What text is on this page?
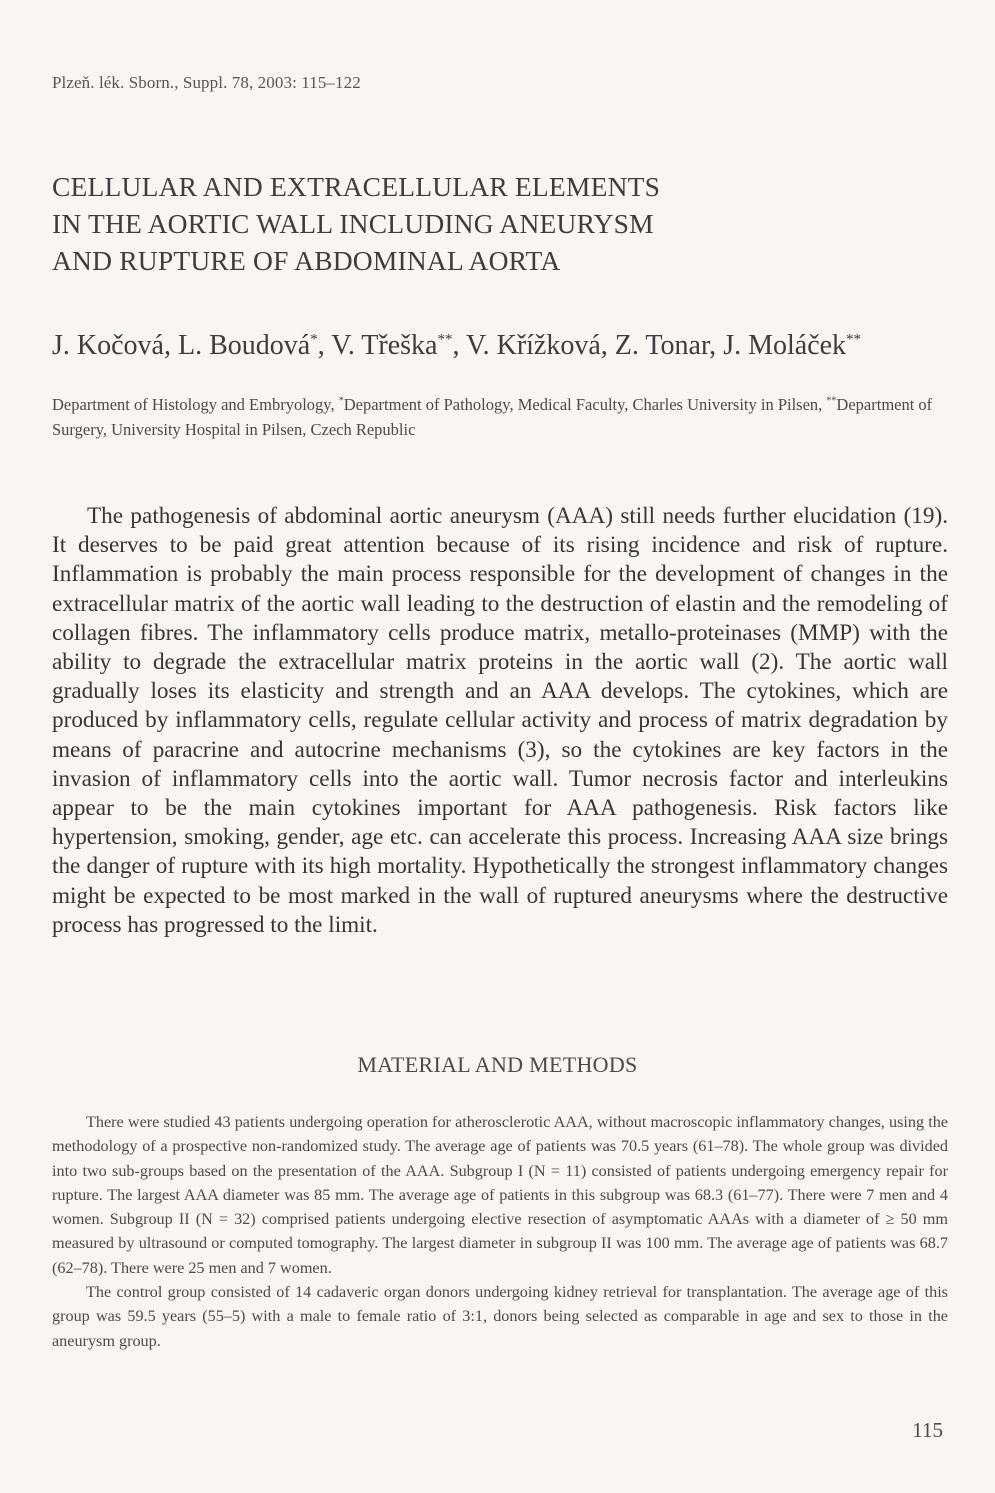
Plzeň. lék. Sborn., Suppl. 78, 2003: 115–122
CELLULAR AND EXTRACELLULAR ELEMENTS
IN THE AORTIC WALL INCLUDING ANEURYSM
AND RUPTURE OF ABDOMINAL AORTA
J. Kočová, L. Boudová*, V. Třeška**, V. Křížková, Z. Tonar, J. Moláček**
Department of Histology and Embryology, *Department of Pathology, Medical Faculty, Charles University in Pilsen, **Department of Surgery, University Hospital in Pilsen, Czech Republic

The pathogenesis of abdominal aortic aneurysm (AAA) still needs further elucidation (19). It deserves to be paid great attention because of its rising incidence and risk of rupture. Inflammation is probably the main process responsible for the development of changes in the extracellular matrix of the aortic wall leading to the destruction of elastin and the remodeling of collagen fibres. The inflammatory cells produce matrix, metallo-proteinases (MMP) with the ability to degrade the extracellular matrix proteins in the aortic wall (2). The aortic wall gradually loses its elasticity and strength and an AAA develops. The cytokines, which are produced by inflammatory cells, regulate cellular activity and process of matrix degradation by means of paracrine and autocrine mechanisms (3), so the cytokines are key factors in the invasion of inflammatory cells into the aortic wall. Tumor necrosis factor and interleukins appear to be the main cytokines important for AAA pathogenesis. Risk factors like hypertension, smoking, gender, age etc. can accelerate this process. Increasing AAA size brings the danger of rupture with its high mortality. Hypothetically the strongest inflammatory changes might be expected to be most marked in the wall of ruptured aneurysms where the destructive process has progressed to the limit.

MATERIAL AND METHODS

There were studied 43 patients undergoing operation for atherosclerotic AAA, without macroscopic inflammatory changes, using the methodology of a prospective non-randomized study. The average age of patients was 70.5 years (61–78). The whole group was divided into two sub-groups based on the presentation of the AAA. Subgroup I (N = 11) consisted of patients undergoing emergency repair for rupture. The largest AAA diameter was 85 mm. The average age of patients in this subgroup was 68.3 (61–77). There were 7 men and 4 women. Subgroup II (N = 32) comprised patients undergoing elective resection of asymptomatic AAAs with a diameter of ≥ 50 mm measured by ultrasound or computed tomography. The largest diameter in subgroup II was 100 mm. The average age of patients was 68.7 (62–78). There were 25 men and 7 women.

The control group consisted of 14 cadaveric organ donors undergoing kidney retrieval for transplantation. The average age of this group was 59.5 years (55–5) with a male to female ratio of 3:1, donors being selected as comparable in age and sex to those in the aneurysm group.

115
